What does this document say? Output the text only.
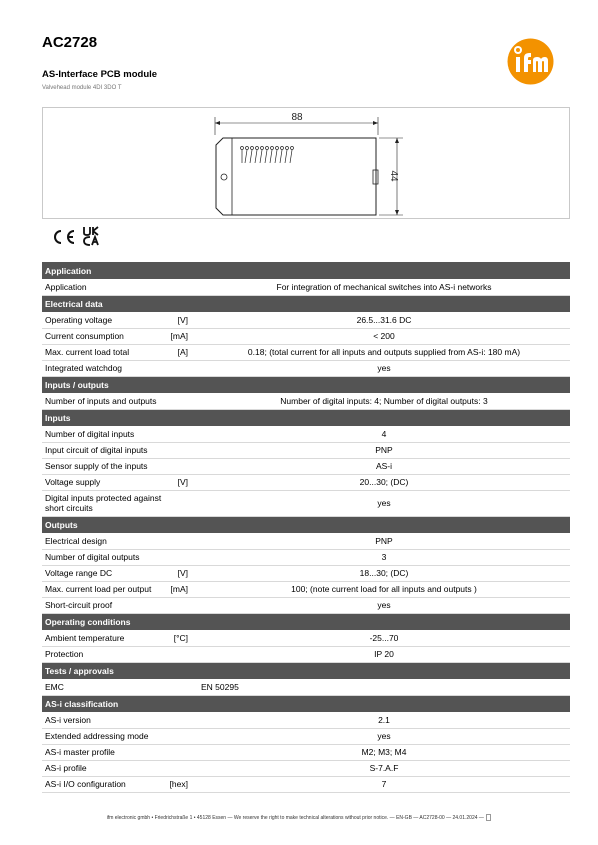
AC2728
AS-Interface PCB module
Valvehead module 4DI 3DO T
88
44
Application			
Application			For integration of mechanical switches into AS-i networks
Electrical data			
Operating voltage	[V]		26.5...31.6 DC
Current consumption	[mA]		< 200
Max. current load total	[A]		0.18; (total current for all inputs and outputs supplied from AS-i: 180 mA)
Integrated watchdog			yes
Inputs / outputs			
Number of inputs and outputs			Number of digital inputs: 4; Number of digital outputs: 3
Inputs			
Number of digital inputs			4
Input circuit of digital inputs			PNP
Sensor supply of the inputs			AS-i
Voltage supply	[V]		20...30; (DC)
Digital inputs protected against short circuits			yes
Outputs			
Electrical design			PNP
Number of digital outputs			3
Voltage range DC	[V]		18...30; (DC)
Max. current load per output	[mA]		100; (note current load for all inputs and outputs )
Short-circuit proof			yes
Operating conditions			
Ambient temperature	[°C]		-25...70
Protection			IP 20
Tests / approvals			
EMC			EN 50295
AS-i classification			
AS-i version			2.1
Extended addressing mode			yes
AS-i master profile			M2; M3; M4
AS-i profile			S-7.A.F
AS-i I/O configuration	[hex]		7
ifm electronic gmbh • Friedrichstraße 1 • 45128 Essen — We reserve the right to make technical alterations without prior notice. — EN-GB — AC2728-00 — 24.01.2024 —
